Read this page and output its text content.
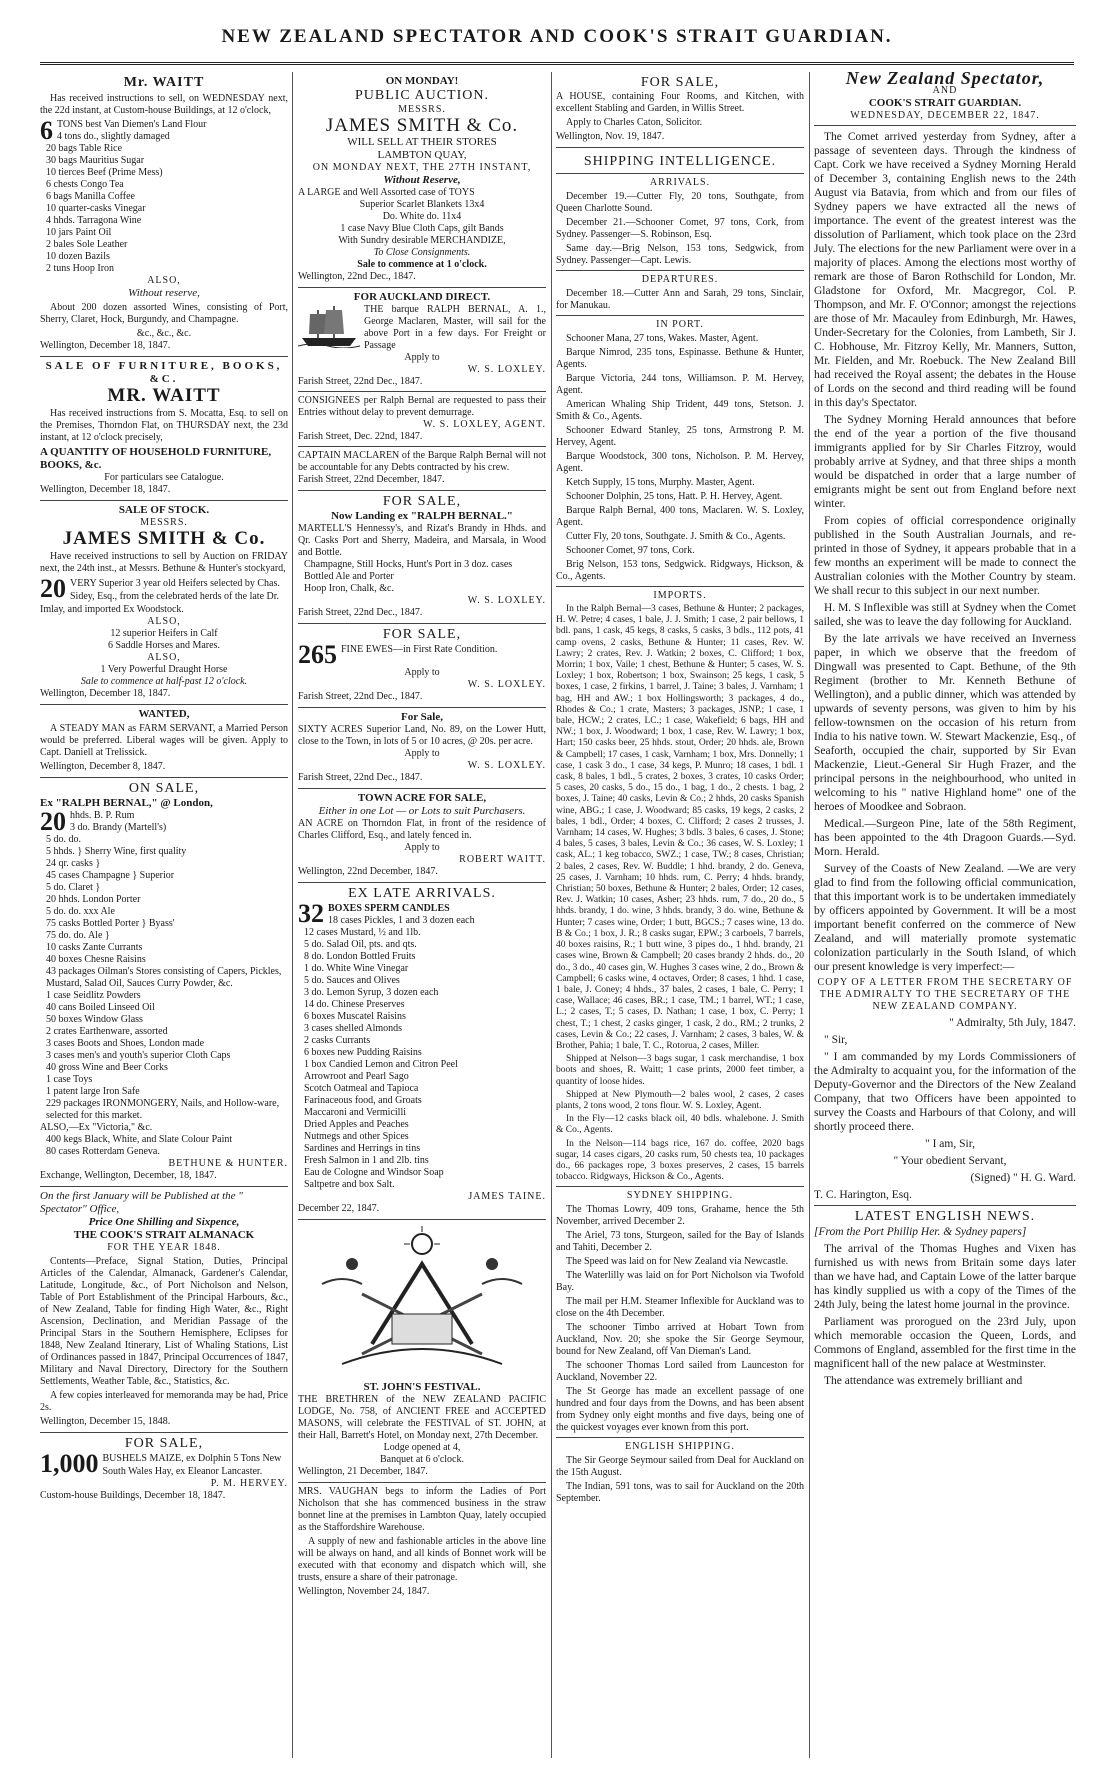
NEW ZEALAND SPECTATOR AND COOK'S STRAIT GUARDIAN.
Mr. WAITT
Has received instructions to sell, on WEDNESDAY next, the 22d instant, at Custom-house Buildings, at 12 o'clock,
6 TONS best Van Diemen's Land Flour
4 tons do., slightly damaged
20 bags Table Rice
30 bags Mauritius Sugar
10 tierces Beef (Prime Mess)
6 chests Congo Tea
6 bags Manilla Coffee
10 quarter-casks Vinegar
4 hhds. Tarragona Wine
10 jars Paint Oil
2 bales Sole Leather
10 dozen Bazils
2 tuns Hoop Iron
ALSO,
Without reserve,
About 200 dozen assorted Wines, consisting of Port, Sherry, Claret, Hock, Burgundy, and Champagne.
&c., &c., &c.
Wellington, December 18, 1847.
SALE OF FURNITURE, BOOKS, &C.
MR. WAITT
Has received instructions from S. Mocatta, Esq. to sell on the Premises, Thorndon Flat, on THURSDAY next, the 23d instant, at 12 o'clock precisely,
A QUANTITY OF HOUSEHOLD FURNITURE, BOOKS, &c.
For particulars see Catalogue.
Wellington, December 18, 1847.
SALE OF STOCK.
MESSRS.
JAMES SMITH & Co.
Have received instructions to sell by Auction on FRIDAY next, the 24th inst., at Messrs. Bethune & Hunter's stockyard,
20 VERY Superior 3 year old Heifers selected by Chas. Sidey, Esq., from the celebrated herds of the late Dr. Imlay, and imported Ex Woodstock.
ALSO,
12 superior Heifers in Calf
6 Saddle Horses and Mares.
ALSO,
1 Very Powerful Draught Horse
Sale to commence at half-past 12 o'clock.
Wellington, December 18, 1847.
WANTED,
A STEADY MAN as FARM SERVANT, a Married Person would be preferred. Liberal wages will be given. Apply to Capt. Daniell at Trelissick.
Wellington, December 8, 1847.
ON SALE,
Ex "RALPH BERNAL," @ London,
20 hhds. B. P. Rum
3 do. Brandy (Martell's)
5 do. do.
5 hhds. } Sherry Wine, first quality
24 qr. casks }
45 cases Champagne } Superior
5 do. Claret }
20 hhds. London Porter
5 do. do. xxx Ale
75 casks Bottled Porter } Byass'
75 do. do. Ale }
10 casks Zante Currants
40 boxes Chesne Raisins
43 packages Oilman's Stores consisting of Capers, Pickles, Mustard, Salad Oil, Sauces Curry Powder, &c.
1 case Seidlitz Powders
40 cans Boiled Linseed Oil
50 boxes Window Glass
2 crates Earthenware, assorted
3 cases Boots and Shoes, London made
3 cases men's and youth's superior Cloth Caps
40 gross Wine and Beer Corks
1 case Toys
1 patent large Iron Safe
229 packages IRONMONGERY, Nails, and Hollow-ware, selected for this market.
ALSO,—Ex "Victoria," &c.
400 kegs Black, White, and Slate Colour Paint
80 cases Rotterdam Geneva.
BETHUNE & HUNTER.
Exchange, Wellington, December, 18, 1847.
On the first January will be Published at the " Spectator" Office,
Price One Shilling and Sixpence,
THE COOK'S STRAIT ALMANACK
FOR THE YEAR 1848.
Contents—Preface, Signal Station, Duties, Principal Articles of the Calendar, Almanack, Gardener's Calendar, Latitude, Longitude, &c., of Port Nicholson and Nelson, Table of Port Establishment of the Principal Harbours, &c., of New Zealand, Table for finding High Water, &c., Right Ascension, Declination, and Meridian Passage of the Principal Stars in the Southern Hemisphere, Eclipses for 1848, New Zealand Itinerary, List of Whaling Stations, List of Ordinances passed in 1847, Principal Occurrences of 1847, Military and Naval Directory, Directory for the Southern Settlements, Weather Table, &c., Statistics, &c.
A few copies interleaved for memoranda may be had, Price 2s.
Wellington, December 15, 1848.
FOR SALE,
1,000 BUSHELS MAIZE, ex Dolphin 5 Tons New South Wales Hay, ex Eleanor Lancaster.
P. M. HERVEY.
Custom-house Buildings, December 18, 1847.
ON MONDAY!
PUBLIC AUCTION.
MESSRS.
JAMES SMITH & Co.
WILL SELL AT THEIR STORES
LAMBTON QUAY,
ON MONDAY NEXT, THE 27TH INSTANT,
Without Reserve,
A LARGE and Well Assorted case of TOYS
Superior Scarlet Blankets 13x4
Do. White do. 11x4
1 case Navy Blue Cloth Caps, gilt Bands
With Sundry desirable MERCHANDIZE,
To Close Consignments.
Sale to commence at 1 o'clock.
Wellington, 22nd Dec., 1847.
FOR AUCKLAND DIRECT.
THE barque RALPH BERNAL, A. 1., George Maclaren, Master, will sail for the above Port in a few days. For Freight or Passage
Apply to
W. S. LOXLEY.
Farish Street, 22nd Dec., 1847.
CONSIGNEES per Ralph Bernal are requested to pass their Entries without delay to prevent demurrage.
W. S. LOXLEY, AGENT.
Farish Street, Dec. 22nd, 1847.
CAPTAIN MACLAREN of the Barque Ralph Bernal will not be accountable for any Debts contracted by his crew.
Farish Street, 22nd December, 1847.
FOR SALE,
Now Landing ex "RALPH BERNAL."
MARTELL'S Hennessy's, and Rizat's Brandy in Hhds. and Qr. Casks Port and Sherry, Madeira, and Marsala, in Wood and Bottle.
Champagne, Still Hocks, Hunt's Port in 3 doz. cases
Bottled Ale and Porter
Hoop Iron, Chalk, &c.
W. S. LOXLEY.
Farish Street, 22nd Dec., 1847.
FOR SALE,
265 FINE EWES—in First Rate Condition.
Apply to
W. S. LOXLEY.
Farish Street, 22nd Dec., 1847.
For Sale,
SIXTY ACRES Superior Land, No. 89, on the Lower Hutt, close to the Town, in lots of 5 or 10 acres, @ 20s. per acre.
Apply to
W. S. LOXLEY.
Farish Street, 22nd Dec., 1847.
TOWN ACRE FOR SALE,
Either in one Lot — or Lots to suit Purchasers.
AN ACRE on Thorndon Flat, in front of the residence of Charles Clifford, Esq., and lately fenced in.
Apply to
ROBERT WAITT.
Wellington, 22nd December, 1847.
EX LATE ARRIVALS.
32 BOXES SPERM CANDLES
18 cases Pickles, 1 and 3 dozen each
12 cases Mustard, ½ and 1lb.
5 do. Salad Oil, pts. and qts.
8 do. London Bottled Fruits
1 do. White Wine Vinegar
5 do. Sauces and Olives
3 do. Lemon Syrup, 3 dozen each
14 do. Chinese Preserves
6 boxes Muscatel Raisins
3 cases shelled Almonds
2 casks Currants
6 boxes new Pudding Raisins
1 box Candied Lemon and Citron Peel
Arrowroot and Pearl Sago
Scotch Oatmeal and Tapioca
Farinaceous food, and Groats
Maccaroni and Vermicilli
Dried Apples and Peaches
Nutmegs and other Spices
Sardines and Herrings in tins
Fresh Salmon in 1 and 2lb. tins
Eau de Cologne and Windsor Soap
Saltpetre and box Salt.
JAMES TAINE.
December 22, 1847.
ST. JOHN'S FESTIVAL.
THE BRETHREN of the NEW ZEALAND PACIFIC LODGE, No. 758, of ANCIENT FREE and ACCEPTED MASONS, will celebrate the FESTIVAL of ST. JOHN, at their Hall, Barrett's Hotel, on Monday next, 27th December.
Lodge opened at 4,
Banquet at 6 o'clock.
Wellington, 21 December, 1847.
MRS. VAUGHAN begs to inform the Ladies of Port Nicholson that she has commenced business in the straw bonnet line at the premises in Lambton Quay, lately occupied as the Staffordshire Warehouse.
A supply of new and fashionable articles in the above line will be always on hand, and all kinds of Bonnet work will be executed with that economy and dispatch which will, she trusts, ensure a share of their patronage.
Wellington, November 24, 1847.
FOR SALE,
A HOUSE, containing Four Rooms, and Kitchen, with excellent Stabling and Garden, in Willis Street.
Apply to Charles Caton, Solicitor.
Wellington, Nov. 19, 1847.
SHIPPING INTELLIGENCE.
ARRIVALS.
December 19.—Cutter Fly, 20 tons, Southgate, from Queen Charlotte Sound.
December 21.—Schooner Comet, 97 tons, Cork, from Sydney. Passenger—S. Robinson, Esq.
Same day.—Brig Nelson, 153 tons, Sedgwick, from Sydney. Passenger—Capt. Lewis.
DEPARTURES.
December 18.—Cutter Ann and Sarah, 29 tons, Sinclair, for Manukau.
IN PORT.
Schooner Mana, 27 tons, Wakes. Master, Agent.
Barque Nimrod, 235 tons, Espinasse. Bethune & Hunter, Agents.
Barque Victoria, 244 tons, Williamson. P. M. Hervey, Agent.
American Whaling Ship Trident, 449 tons, Stetson. J. Smith & Co., Agents.
Schooner Edward Stanley, 25 tons, Armstrong P. M. Hervey, Agent.
Barque Woodstock, 300 tons, Nicholson. P. M. Hervey, Agent.
Ketch Supply, 15 tons, Murphy. Master, Agent.
Schooner Dolphin, 25 tons, Hatt. P. H. Hervey, Agent.
Barque Ralph Bernal, 400 tons, Maclaren. W. S. Loxley, Agent.
Cutter Fly, 20 tons, Southgate. J. Smith & Co., Agents.
Schooner Comet, 97 tons, Cork.
Brig Nelson, 153 tons, Sedgwick. Ridgways, Hickson, & Co., Agents.
IMPORTS.
In the Ralph Bernal—3 cases, Bethune & Hunter; 2 packages, H. W. Petre; 4 cases, 1 bale, J. J. Smith; 1 case, 2 pair bellows, 1 bdl. pans, 1 cask, 45 kegs, 8 casks, 5 casks, 3 bdls., 112 pots, 41 camp ovens, 2 casks, Bethune & Hunter; 11 cases, Rev. W. Lawry; 2 crates, Rev. J. Watkin; 2 boxes, C. Clifford; 1 box, Morrin; 1 box, Vaile; 1 chest, Bethune & Hunter; 5 cases, W. S. Loxley; 1 box, Robertson; 1 box, Swainson; 25 kegs, 1 cask, 5 boxes, 1 case, 2 firkins, 1 barrel, J. Taine; 3 bales, J. Varnham; 1 bag, HH and AW.; 1 box Hollingsworth; 3 packages, 4 do., Rhodes & Co.; 1 crate, Masters; 3 packages, JSNP.; 1 case, 1 bale, HCW.; 2 crates, LC.; 1 case, Wakefield; 6 bags, HH and NW.; 1 box, J. Woodward; 1 box, 1 case, Rev. W. Lawry; 1 box, Hart; 150 casks beer, 25 hhds. stout, Order; 20 hhds. ale, Brown & Campbell; 17 cases, 1 cask, Varnham; 1 box, Mrs. Donnelly; 1 case, 1 cask 3 do., 1 case, 34 kegs, P. Munro; 18 cases, 1 bdl. 1 cask, 8 bales, 1 bdl., 5 crates, 2 boxes, 3 crates, 10 casks Order; 5 cases, 20 casks, 5 do., 15 do., 1 bag, 1 do., 2 chests. 1 bag, 2 boxes, J. Taine; 40 casks, Levin & Co.; 2 hhds, 20 casks Spanish wine, ABG.; 1 case, J. Woodward; 85 casks, 19 kegs, 2 casks, 2 bales, 1 bdl., Order; 4 boxes, C. Clifford; 2 cases 2 trusses, J. Varnham; 14 cases, W. Hughes; 3 bdls. 3 bales, 6 cases, J. Stone; 4 bales, 5 cases, 3 bales, Levin & Co.; 36 cases, W. S. Loxley; 1 cask, AL.; 1 keg tobacco, SWZ.; 1 case, TW.; 8 cases, Christian; 2 bales, 2 cases, Rev. W. Buddle; 1 hhd. brandy, 2 do. Geneva, 25 cases, J. Varnham; 10 hhds. rum, C. Perry; 4 hhds. brandy, Christian; 50 boxes, Bethune & Hunter; 2 bales, Order; 12 cases, Rev. J. Watkin; 10 cases, Asher; 23 hhds. rum, 7 do., 20 do., 5 hhds. brandy, 1 do. wine, 3 hhds. brandy, 3 do. wine, Bethune & Hunter; 7 cases wine, Order; 1 butt, BGCS.; 7 cases wine, 13 do. B & Co.; 1 box, J. R.; 8 casks sugar, EPW.; 3 carboels, 7 barrels, 40 boxes raisins, R.; 1 butt wine, 3 pipes do., 1 hhd. brandy, 21 cases wine, Brown & Campbell; 20 cases brandy 2 hhds. do., 20 do., 3 do., 40 cases gin, W. Hughes 3 cases wine, 2 do., Brown & Campbell; 6 casks wine, 4 octaves, Order; 8 cases, 1 hhd. 1 case, 1 bale, J. Coney; 4 hhds., 37 bales, 2 cases, 1 bale, C. Perry; 1 case, Wallace; 46 cases, BR.; 1 case, TM.; 1 barrel, WT.; 1 case, L.; 2 cases, T.; 5 cases, D. Nathan; 1 case, 1 box, C. Perry; 1 chest, T.; 1 chest, 2 casks ginger, 1 cask, 2 do., RM.; 2 trunks, 2 cases, Levin & Co.; 22 cases, J. Varnham; 2 cases, 3 bales, W. & Brother, Pahia; 1 bale, T. C., Rotorua, 2 cases, Miller.
Shipped at Nelson—3 bags sugar, 1 cask merchandise, 1 box boots and shoes, R. Waitt; 1 case prints, 2000 feet timber, a quantity of loose hides.
Shipped at New Plymouth—2 bales wool, 2 cases, 2 cases plants, 2 tons wood, 2 tons flour. W. S. Loxley, Agent.
In the Fly—12 casks black oil, 40 bdls. whalebone. J. Smith & Co., Agents.
In the Nelson—114 bags rice, 167 do. coffee, 2020 bags sugar, 14 cases cigars, 20 casks rum, 50 chests tea, 10 packages do., 66 packages rope, 3 boxes preserves, 2 cases, 15 barrels tobacco. Ridgways, Hickson & Co., Agents.
SYDNEY SHIPPING.
The Thomas Lowry, 409 tons, Grahame, hence the 5th November, arrived December 2.
The Ariel, 73 tons, Sturgeon, sailed for the Bay of Islands and Tahiti, December 2.
The Speed was laid on for New Zealand via Newcastle.
The Waterlilly was laid on for Port Nicholson via Twofold Bay.
The mail per H.M. Steamer Inflexible for Auckland was to close on the 4th December.
The schooner Timbo arrived at Hobart Town from Auckland, Nov. 20; she spoke the Sir George Seymour, bound for New Zealand, off Van Dieman's Land.
The schooner Thomas Lord sailed from Launceston for Auckland, November 22.
The St George has made an excellent passage of one hundred and four days from the Downs, and has been absent from Sydney only eight months and five days, being one of the quickest voyages ever known from this port.
ENGLISH SHIPPING.
The Sir George Seymour sailed from Deal for Auckland on the 15th August.
The Indian, 591 tons, was to sail for Auckland on the 20th September.
New Zealand Spectator,
AND
COOK'S STRAIT GUARDIAN.
WEDNESDAY, DECEMBER 22, 1847.

The Comet arrived yesterday from Sydney, after a passage of seventeen days. Through the kindness of Capt. Cork we have received a Sydney Morning Herald of December 3, containing English news to the 24th August via Batavia, from which and from our files of Sydney papers we have extracted all the news of importance. The event of the greatest interest was the dissolution of Parliament, which took place on the 23rd July. The elections for the new Parliament were over in a majority of places. Among the elections most worthy of remark are those of Baron Rothschild for London, Mr. Gladstone for Oxford, Mr. Macgregor, Col. P. Thompson, and Mr. F. O'Connor; amongst the rejections are those of Mr. Macauley from Edinburgh, Mr. Hawes, Under-Secretary for the Colonies, from Lambeth, Sir J. C. Hobhouse, Mr. Fitzroy Kelly, Mr. Manners, Sutton, Mr. Fielden, and Mr. Roebuck. The New Zealand Bill had received the Royal assent; the debates in the House of Lords on the second and third reading will be found in this day's Spectator.

The Sydney Morning Herald announces that before the end of the year a portion of the five thousand immigrants applied for by Sir Charles Fitzroy, would probably arrive at Sydney, and that three ships a month would be dispatched in order that a large number of emigrants might be sent out from England before next winter.

From copies of official correspondence originally published in the South Australian Journals, and re-printed in those of Sydney, it appears probable that in a few months an experiment will be made to connect the Australian colonies with the Mother Country by steam. We shall recur to this subject in our next number.

H. M. S Inflexible was still at Sydney when the Comet sailed, she was to leave the day following for Auckland.

By the late arrivals we have received an Inverness paper, in which we observe that the freedom of Dingwall was presented to Capt. Bethune, of the 9th Regiment (brother to Mr. Kenneth Bethune of Wellington), and a public dinner, which was attended by upwards of seventy persons, was given to him by his fellow-townsmen on the occasion of his return from India to his native town. W. Stewart Mackenzie, Esq., of Seaforth, occupied the chair, supported by Sir Evan Mackenzie, Lieut.-General Sir Hugh Frazer, and the principal persons in the neighbourhood, who united in welcoming to his " native Highland home" one of the heroes of Moodkee and Sobraon.

Medical.—Surgeon Pine, late of the 58th Regiment, has been appointed to the 4th Dragoon Guards.—Syd. Morn. Herald.

Survey of the Coasts of New Zealand. —We are very glad to find from the following official communication, that this important work is to be undertaken immediately by officers appointed by Government. It will be a most important benefit conferred on the commerce of New Zealand, and will materially promote systematic colonization particularly in the South Island, of which our present knowledge is very imperfect:—

COPY OF A LETTER FROM THE SECRETARY OF THE ADMIRALTY TO THE SECRETARY OF THE NEW ZEALAND COMPANY.

" Admiralty, 5th July, 1847.

" Sir,

" I am commanded by my Lords Commissioners of the Admiralty to acquaint you, for the information of the Deputy-Governor and the Directors of the New Zealand Company, that two Officers have been appointed to survey the Coasts and Harbours of that Colony, and will shortly proceed there.

" I am, Sir,

" Your obedient Servant,

(Signed) " H. G. Ward.

T. C. Harington, Esq.

LATEST ENGLISH NEWS.

[From the Port Phillip Her. & Sydney papers]

The arrival of the Thomas Hughes and Vixen has furnished us with news from Britain some days later than we have had, and Captain Lowe of the latter barque has kindly supplied us with a copy of the Times of the 24th July, being the latest home journal in the province.

Parliament was prorogued on the 23rd July, upon which memorable occasion the Queen, Lords, and Commons of England, assembled for the first time in the magnificent hall of the new palace at Westminster.

The attendance was extremely brilliant and
